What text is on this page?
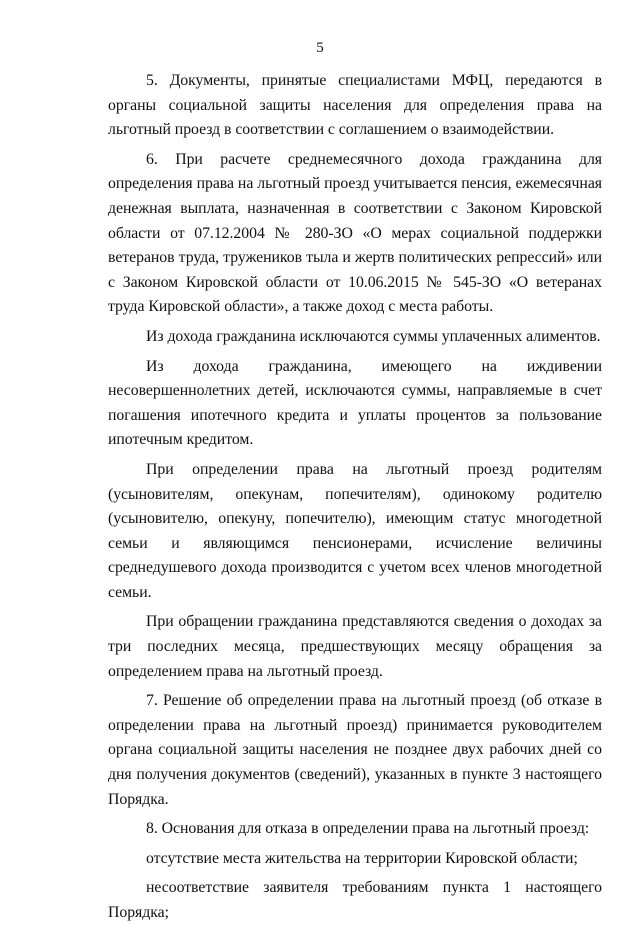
5

5. Документы, принятые специалистами МФЦ, передаются в органы социальной защиты населения для определения права на льготный проезд в соответствии с соглашением о взаимодействии.

6. При расчете среднемесячного дохода гражданина для определения права на льготный проезд учитывается пенсия, ежемесячная денежная выплата, назначенная в соответствии с Законом Кировской области от 07.12.2004 № 280-ЗО «О мерах социальной поддержки ветеранов труда, тружеников тыла и жертв политических репрессий» или с Законом Кировской области от 10.06.2015 № 545-ЗО «О ветеранах труда Кировской области», а также доход с места работы.

Из дохода гражданина исключаются суммы уплаченных алиментов.

Из дохода гражданина, имеющего на иждивении несовершеннолетних детей, исключаются суммы, направляемые в счет погашения ипотечного кредита и уплаты процентов за пользование ипотечным кредитом.

При определении права на льготный проезд родителям (усыновителям, опекунам, попечителям), одинокому родителю (усыновителю, опекуну, попечителю), имеющим статус многодетной семьи и являющимся пенсионерами, исчисление величины среднедушевого дохода производится с учетом всех членов многодетной семьи.

При обращении гражданина представляются сведения о доходах за три последних месяца, предшествующих месяцу обращения за определением права на льготный проезд.

7. Решение об определении права на льготный проезд (об отказе в определении права на льготный проезд) принимается руководителем органа социальной защиты населения не позднее двух рабочих дней со дня получения документов (сведений), указанных в пункте 3 настоящего Порядка.

8. Основания для отказа в определении права на льготный проезд:

отсутствие места жительства на территории Кировской области;

несоответствие заявителя требованиям пункта 1 настоящего Порядка;
